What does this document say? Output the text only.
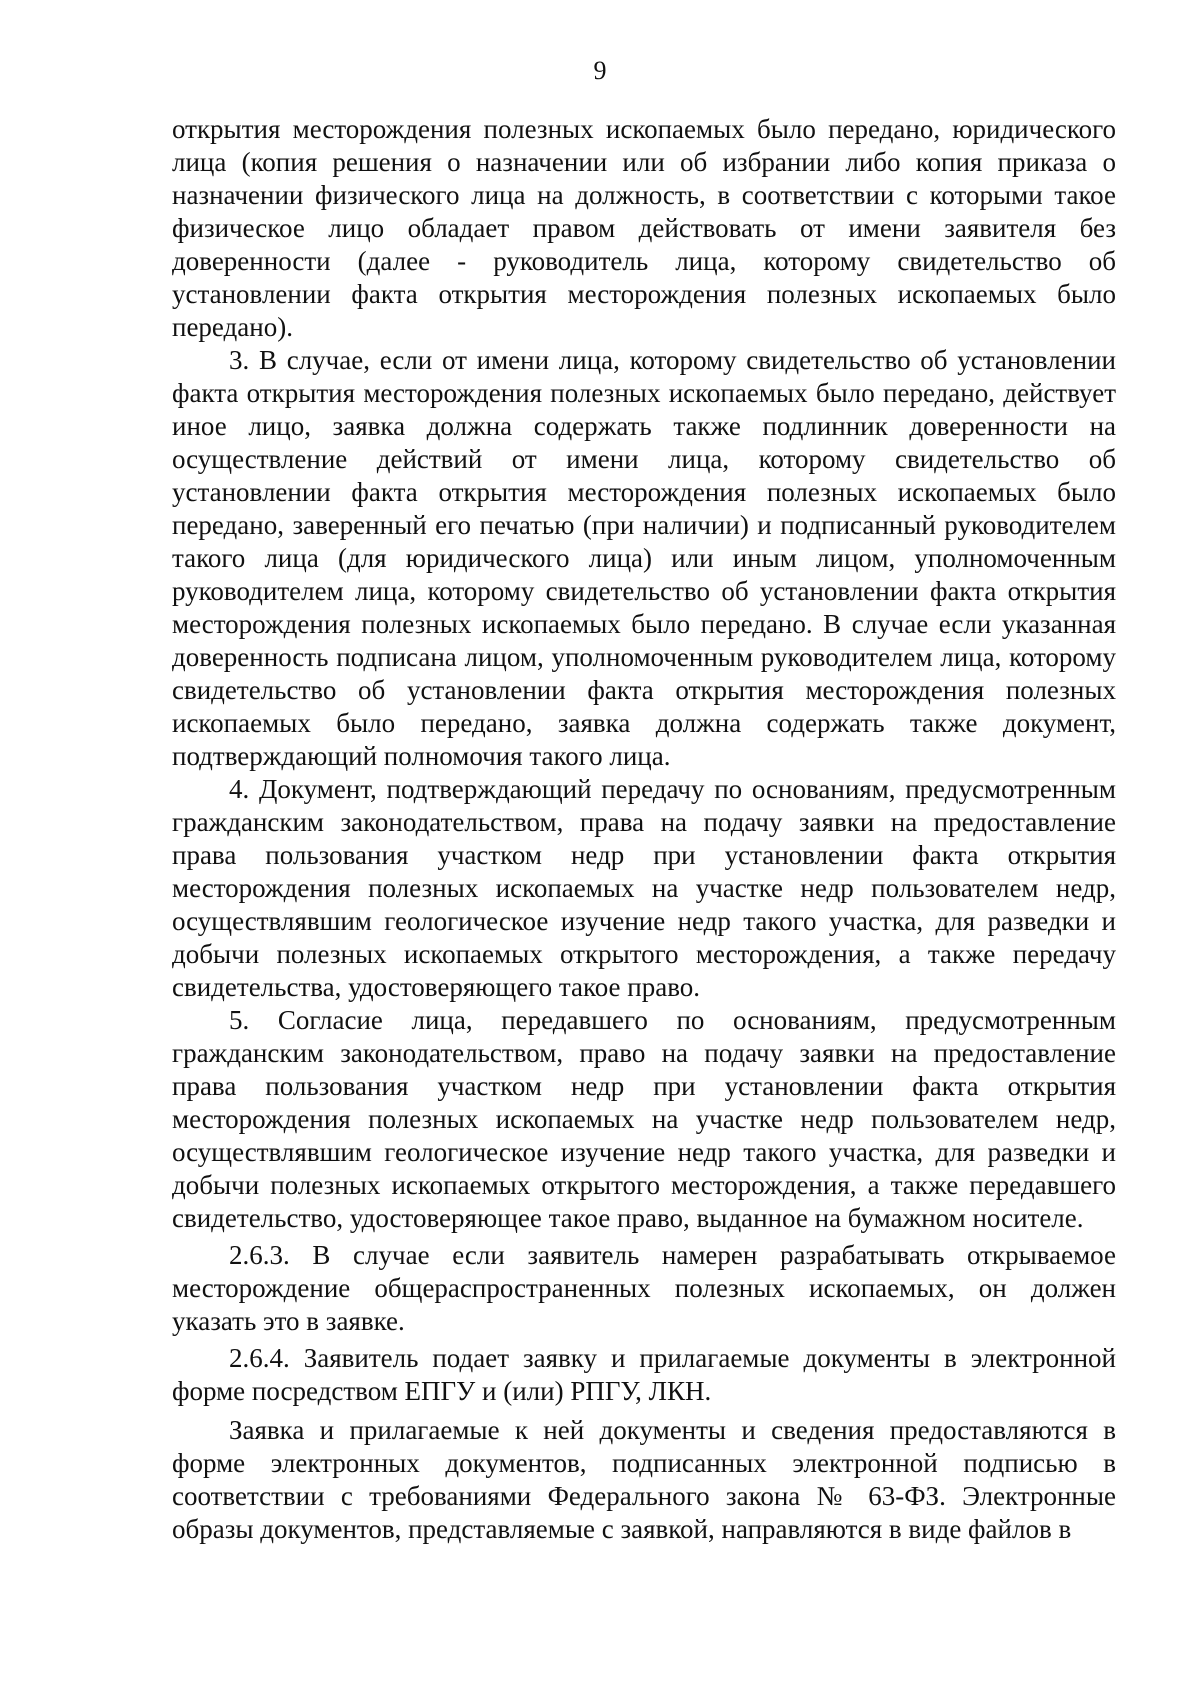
9

открытия месторождения полезных ископаемых было передано, юридического лица (копия решения о назначении или об избрании либо копия приказа о назначении физического лица на должность, в соответствии с которыми такое физическое лицо обладает правом действовать от имени заявителя без доверенности (далее - руководитель лица, которому свидетельство об установлении факта открытия месторождения полезных ископаемых было передано).

3. В случае, если от имени лица, которому свидетельство об установлении факта открытия месторождения полезных ископаемых было передано, действует иное лицо, заявка должна содержать также подлинник доверенности на осуществление действий от имени лица, которому свидетельство об установлении факта открытия месторождения полезных ископаемых было передано, заверенный его печатью (при наличии) и подписанный руководителем такого лица (для юридического лица) или иным лицом, уполномоченным руководителем лица, которому свидетельство об установлении факта открытия месторождения полезных ископаемых было передано. В случае если указанная доверенность подписана лицом, уполномоченным руководителем лица, которому свидетельство об установлении факта открытия месторождения полезных ископаемых было передано, заявка должна содержать также документ, подтверждающий полномочия такого лица.

4. Документ, подтверждающий передачу по основаниям, предусмотренным гражданским законодательством, права на подачу заявки на предоставление права пользования участком недр при установлении факта открытия месторождения полезных ископаемых на участке недр пользователем недр, осуществлявшим геологическое изучение недр такого участка, для разведки и добычи полезных ископаемых открытого месторождения, а также передачу свидетельства, удостоверяющего такое право.

5. Согласие лица, передавшего по основаниям, предусмотренным гражданским законодательством, право на подачу заявки на предоставление права пользования участком недр при установлении факта открытия месторождения полезных ископаемых на участке недр пользователем недр, осуществлявшим геологическое изучение недр такого участка, для разведки и добычи полезных ископаемых открытого месторождения, а также передавшего свидетельство, удостоверяющее такое право, выданное на бумажном носителе.

2.6.3. В случае если заявитель намерен разрабатывать открываемое месторождение общераспространенных полезных ископаемых, он должен указать это в заявке.

2.6.4. Заявитель подает заявку и прилагаемые документы в электронной форме посредством ЕПГУ и (или) РПГУ, ЛКН.

Заявка и прилагаемые к ней документы и сведения предоставляются в форме электронных документов, подписанных электронной подписью в соответствии с требованиями Федерального закона № 63-ФЗ. Электронные образы документов, представляемые с заявкой, направляются в виде файлов в
